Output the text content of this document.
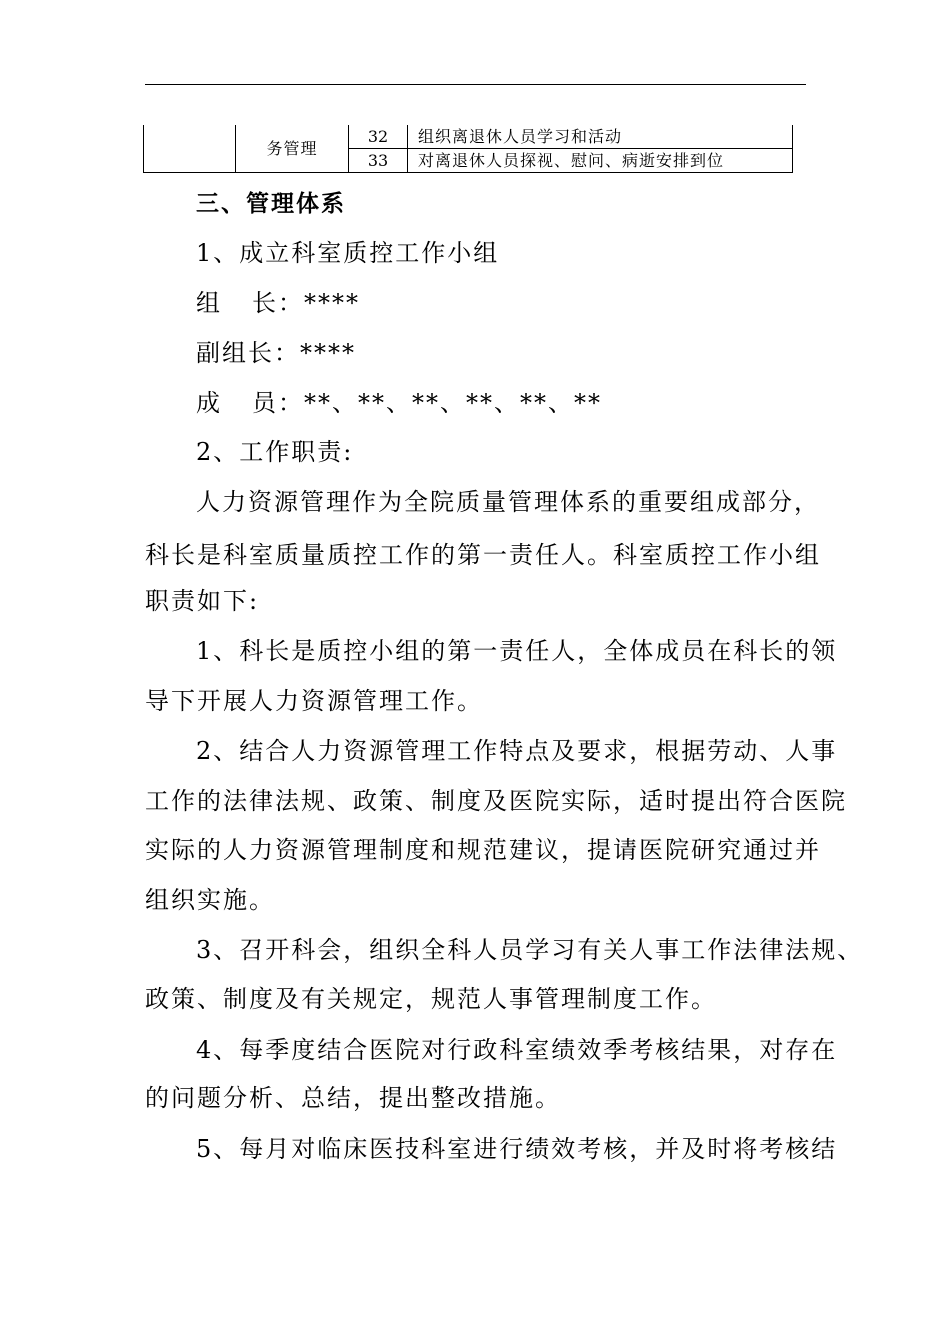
	务管理	32	组织离退休人员学习和活动
		33	对离退休人员探视、慰问、病逝安排到位
三、管理体系
1、成立科室质控工作小组
组 长：****
副组长：****
成 员：**、**、**、**、**、**
2、工作职责:
人力资源管理作为全院质量管理体系的重要组成部分，
科长是科室质量质控工作的第一责任人。科室质控工作小组
职责如下:
1、科长是质控小组的第一责任人，全体成员在科长的领
导下开展人力资源管理工作。
2、结合人力资源管理工作特点及要求，根据劳动、人事
工作的法律法规、政策、制度及医院实际，适时提出符合医院
实际的人力资源管理制度和规范建议，提请医院研究通过并
组织实施。
3、召开科会，组织全科人员学习有关人事工作法律法规、
政策、制度及有关规定，规范人事管理制度工作。
4、每季度结合医院对行政科室绩效季考核结果，对存在
的问题分析、总结，提出整改措施。
5、每月对临床医技科室进行绩效考核，并及时将考核结
